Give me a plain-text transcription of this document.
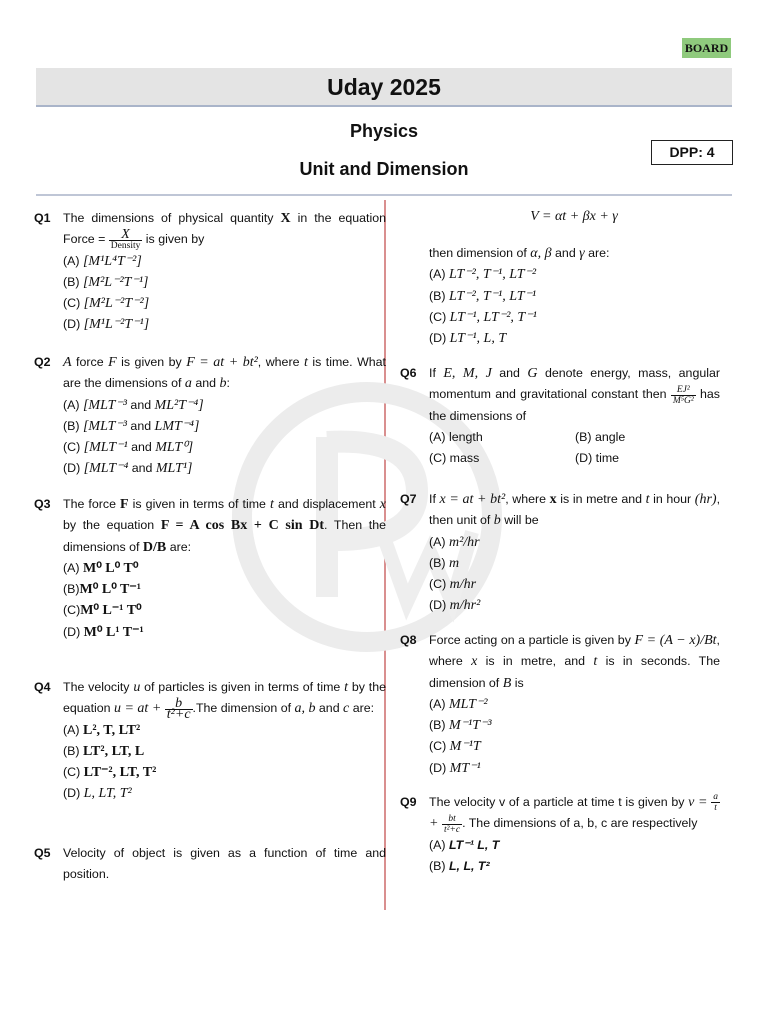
BOARD
Uday 2025
Physics
Unit and Dimension
DPP: 4
Q1 The dimensions of physical quantity X in the equation Force = $\frac{X}{\text{Density}}$ is given by
(A) [M¹L⁴T⁻²]
(B) [M²L⁻²T⁻¹]
(C) [M²L⁻²T⁻²]
(D) [M¹L⁻²T⁻¹]
Q2 A force F is given by F = at + bt², where t is time. What are the dimensions of a and b:
(A) [MLT⁻³ and ML²T⁻⁴]
(B) [MLT⁻³ and LMT⁻⁴]
(C) [MLT⁻¹ and MLT⁰]
(D) [MLT⁻⁴ and MLT¹]
Q3 The force F is given in terms of time t and displacement x by the equation F = A cos Bx + C sin Dt. Then the dimensions of D/B are:
(A) M⁰ L⁰ T⁰
(B)M⁰ L⁰ T⁻¹
(C)M⁰ L⁻¹ T⁰
(D) M⁰ L¹ T⁻¹
Q4 The velocity u of particles is given in terms of time t by the equation u = at + $\frac{b}{\text{t²+c}} .The$ dimension of a, b and c are:
(A) L², T, LT²
(B) LT², LT, L
(C) LT⁻², LT, T²
(D) L, LT, T²
Q5 Velocity of object is given as a function of time and position.
V = αt + βx + γ
then dimension of α, β and γ are:
(A) LT⁻², T⁻¹, LT⁻²
(B) LT⁻², T⁻¹, LT⁻¹
(C) LT⁻¹, LT⁻², T⁻¹
(D) LT⁻¹, L, T
Q6 If E, M, J and G denote energy, mass, angular momentum and gravitational constant then $\frac{\text{EJ²}}{\text{M⁵G²}}$ has the dimensions of
(A) length	(B) angle
(C) mass	(D) time
Q7 If x = at + bt², where x is in metre and t in hour (hr), then unit of b will be
(A) m²/hr
(B) m
(C) m/hr
(D) m/hr²
Q8 Force acting on a particle is given by F = (A − x)/Bt, where x is in metre, and t is in seconds. The dimension of B is
(A) MLT⁻²
(B) M⁻¹T⁻³
(C) M⁻¹T
(D) MT⁻¹
Q9 The velocity v of a particle at time t is given by $v = \frac{a}{t}$
+ $\frac{bt}{\text{t²+c}}$ . The dimensions of a, b, c are respectively
(A) LT⁻¹ L, T
(B) L, L, T²
